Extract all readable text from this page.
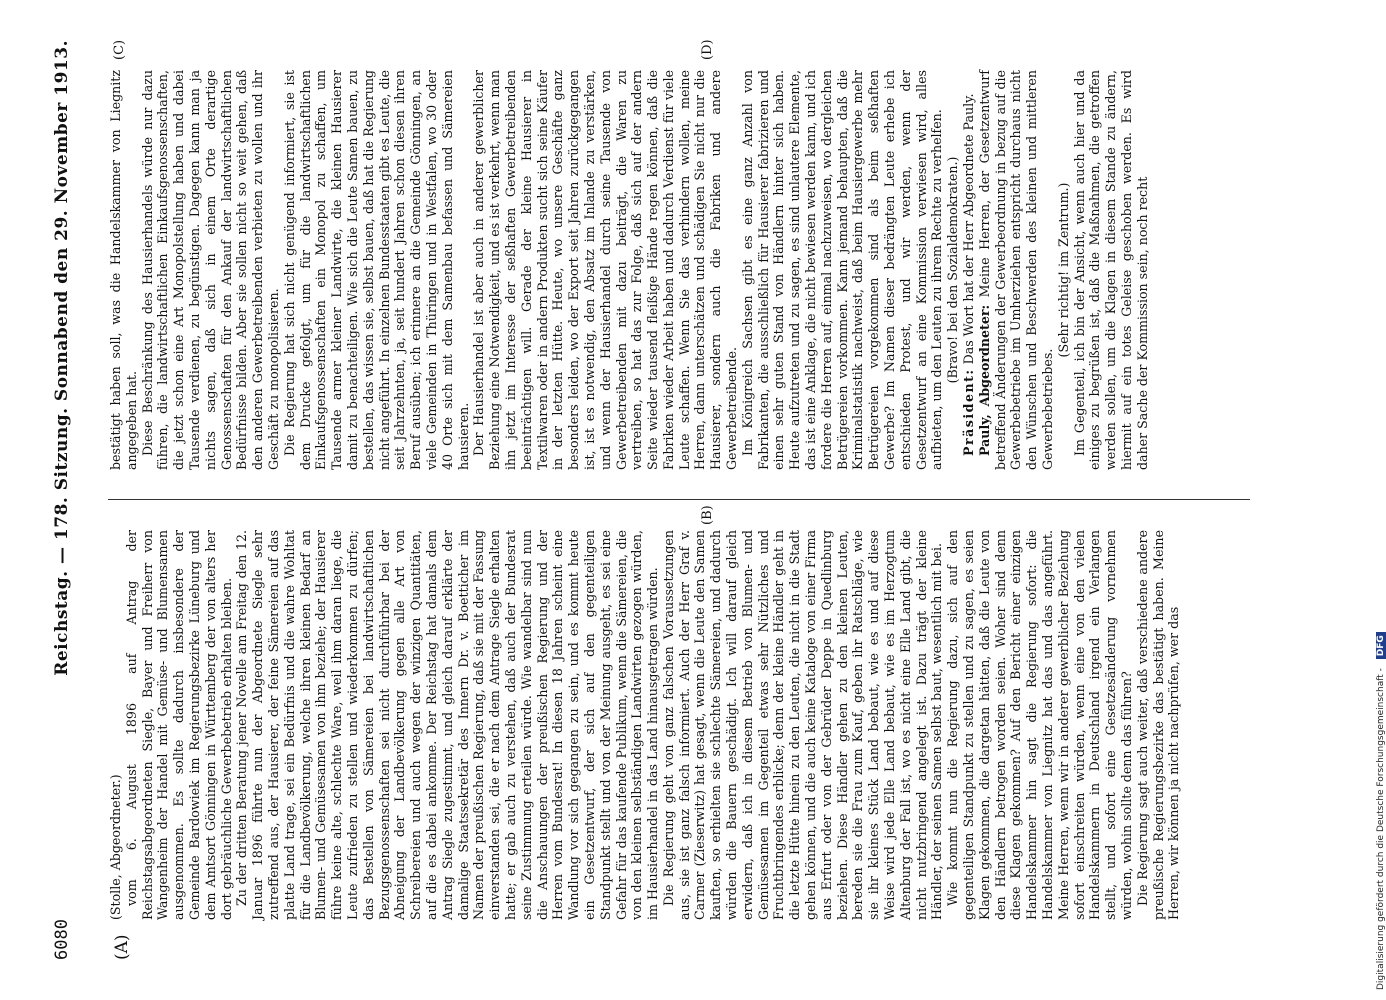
6080
Reichstag. — 178. Sitzung. Sonnabend den 29. November 1913.
(A)
(B)
(C)	(D)

(Stolle, Abgeordneter.) vom 6. August 1896 auf Antrag der Reichstagsabgeordneten Siegle, Bayer und Freiherr von Wangenheim der Handel mit Gemüse- und Blumensamen ausgenommen. Es sollte dadurch insbesondere der Gemeinde Bardowiek im Regierungsbezirke Lüneburg und dem Amtsort Gönningen in Württemberg der von alters her dort gebräuchliche Gewerbebetrieb erhalten bleiben. Zu der dritten Beratung jener Novelle am Freitag den 12. Januar 1896 führte nun der Abgeordnete Siegle sehr zutreffend aus, der Hausierer, der feine Sämereien auf das platte Land trage, sei ein Bedürfnis und die wahre Wohltat für die Landbevölkerung, welche ihren kleinen Bedarf an Blumen- und Gemüsesamen von ihm beziehe; der Hausierer führe keine alte, schlechte Ware, weil ihm daran liege, die Leute zufrieden zu stellen und wiederkommen zu dürfen; das Bestellen von Sämereien bei landwirtschaftlichen Bezugsgenossenschaften sei nicht durchführbar bei der Abneigung der Landbevölkerung gegen alle Art von Schreibereien und auch wegen der winzigen Quantitäten, auf die es dabei ankomme. Der Reichstag hat damals dem Antrag Siegle zugestimmt, und gleich darauf erklärte der damalige Staatssekretär des Innern Dr. v. Boetticher im Namen der preußischen Regierung, daß sie mit der Fassung einverstanden sei, die er nach dem Antrage Siegle erhalten hatte; er gab auch zu verstehen, daß auch der Bundesrat seine Zustimmung erteilen würde. Wie wandelbar sind nun die Anschauungen der preußischen Regierung und der Herren vom Bundesrat! In diesen 18 Jahren scheint eine Wandlung vor sich gegangen zu sein, und es kommt heute ein Gesetzentwurf, der sich auf den gegenteiligen Standpunkt stellt und von der Meinung ausgeht, es sei eine Gefahr für das kaufende Publikum, wenn die Sämereien, die von den kleinen selbständigen Landwirten gezogen würden, im Hausierhandel in das Land hinausgetragen würden. Die Regierung geht von ganz falschen Voraussetzungen aus, sie ist ganz falsch informiert. Auch der Herr Graf v. Carmer (Zieserwitz) hat gesagt, wenn die Leute den Samen kauften, so erhielten sie schlechte Sämereien, und dadurch würden die Bauern geschädigt. Ich will darauf gleich erwidern, daß ich in diesem Betrieb von Blumen- und Gemüsesamen im Gegenteil etwas sehr Nützliches und Fruchtbringendes erblicke; denn der kleine Händler geht in die letzte Hütte hinein zu den Leuten, die nicht in die Stadt gehen können, und die auch keine Kataloge von einer Firma aus Erfurt oder von der Gebrüder Deppe in Quedlinburg beziehen. Diese Händler gehen zu den kleinen Leuten, bereden sie die Frau zum Kauf, geben ihr Ratschläge, wie sie ihr kleines Stück Land bebaut, wie es und auf diese Weise wird jede Elle Land bebaut, wie es im Herzogtum Altenburg der Fall ist, wo es nicht eine Elle Land gibt, die nicht nutzbringend angelegt ist. Dazu trägt der kleine Händler, der seinen Samen selbst baut, wesentlich mit bei. Wie kommt nun die Regierung dazu, sich auf den gegenteiligen Standpunkt zu stellen und zu sagen, es seien Klagen gekommen, die dargetan hätten, daß die Leute von den Händlern betrogen worden seien. Woher sind denn diese Klagen gekommen? Auf den Bericht einer einzigen Handelskammer hin sagt die Regierung sofort: die Handelskammer von Liegnitz hat das und das angeführt. Meine Herren, wenn wir in anderer gewerblicher Beziehung sofort einschreiten würden, wenn eine von den vielen Handelskammern in Deutschland irgend ein Verlangen stellt, und sofort eine Gesetzesänderung vornehmen würden, wohin sollte denn das führen? Die Regierung sagt auch weiter, daß verschiedene andere preußische Regierungsbezirke das bestätigt haben. Meine Herren, wir können ja nicht nachprüfen, wer das

bestätigt haben soll, was die Handelskammer von Liegnitz angegeben hat. Diese Beschränkung des Hausierhandels würde nur dazu führen, die landwirtschaftlichen Einkaufsgenossenschaften, die jetzt schon eine Art Monopolstellung haben und dabei Tausende verdienen, zu begünstigen. Dagegen kann man ja nichts sagen, daß sich in einem Orte derartige Genossenschaften für den Ankauf der landwirtschaftlichen Bedürfnisse bilden. Aber sie sollen nicht so weit gehen, daß den anderen Gewerbetreibenden verbieten zu wollen und ihr Geschäft zu monopolisieren. Die Regierung hat sich nicht genügend informiert, sie ist dem Drucke gefolgt, um für die landwirtschaftlichen Einkaufsgenossenschaften ein Monopol zu schaffen, um Tausende armer kleiner Landwirte, die kleinen Hausierer damit zu benachteiligen. Wie sich die Leute Samen bauen, zu bestellen, das wissen sie, selbst bauen, daß hat die Regierung nicht angeführt. In einzelnen Bundesstaaten gibt es Leute, die seit Jahrzehnten, ja, seit hundert Jahren schon diesen ihren Beruf ausüben; ich erinnere an die Gemeinde Gönningen, an viele Gemeinden in Thüringen und in Westfalen, wo 30 oder 40 Orte sich mit dem Samenbau befassen und Sämereien hausieren. Der Hausierhandel ist aber auch in anderer gewerblicher Beziehung eine Notwendigkeit, und es ist verkehrt, wenn man ihn jetzt im Interesse der seßhaften Gewerbetreibenden beeinträchtigen will. Gerade der kleine Hausierer in Textilwaren oder in andern Produkten sucht sich seine Käufer in der letzten Hütte. Heute, wo unsere Geschäfte ganz besonders leiden, wo der Export seit Jahren zurückgegangen ist, ist es notwendig, den Absatz im Inlande zu verstärken, und wenn der Hausierhandel durch seine Tausende von Gewerbetreibenden mit dazu beiträgt, die Waren zu vertreiben, so hat das zur Folge, daß sich auf der andern Seite wieder tausend fleißige Hände regen können, daß die Fabriken wieder Arbeit haben und dadurch Verdienst für viele Leute schaffen. Wenn Sie das verhindern wollen, meine Herren, dann unterschätzen und schädigen Sie nicht nur die Hausierer, sondern auch die Fabriken und andere Gewerbetreibende. Im Königreich Sachsen gibt es eine ganz Anzahl von Fabrikanten, die ausschließlich für Hausierer fabrizieren und einen sehr guten Stand von Händlern hinter sich haben. Heute aufzutreten und zu sagen, es sind unlautere Elemente, das ist eine Anklage, die nicht bewiesen werden kann, und ich fordere die Herren auf, einmal nachzuweisen, wo dergleichen Betrügereien vorkommen. Kann jemand behaupten, daß die Kriminalstatistik nachweist, daß beim Hausiergewerbe mehr Betrügereien vorgekommen sind als beim seßhaften Gewerbe? Im Namen dieser bedrängten Leute erhebe ich entschieden Protest, und wir werden, wenn der Gesetzentwurf an eine Kommission verwiesen wird, alles aufbieten, um den Leuten zu ihrem Rechte zu verhelfen. (Bravo! bei den Sozialdemokraten.)

Präsident: Das Wort hat der Herr Abgeordnete Pauly.

Pauly, Abgeordneter: Meine Herren, der Gesetzentwurf betreffend Änderungen der Gewerbeordnung in bezug auf die Gewerbebetriebe im Umherziehen entspricht durchaus nicht den Wünschen und Beschwerden des kleinen und mittleren Gewerbebetriebes.

(Sehr richtig! im Zentrum.) Im Gegenteil, ich bin der Ansicht, wenn auch hier und da einiges zu begrüßen ist, daß die Maßnahmen, die getroffen werden sollen, um die Klagen in diesem Stande zu ändern, hiermit auf ein totes Geleise geschoben werden. Es wird daher Sache der Kommission sein, noch recht

Digitalisierung gefördert durch die Deutsche Forschungsgemeinschaft - DFG
